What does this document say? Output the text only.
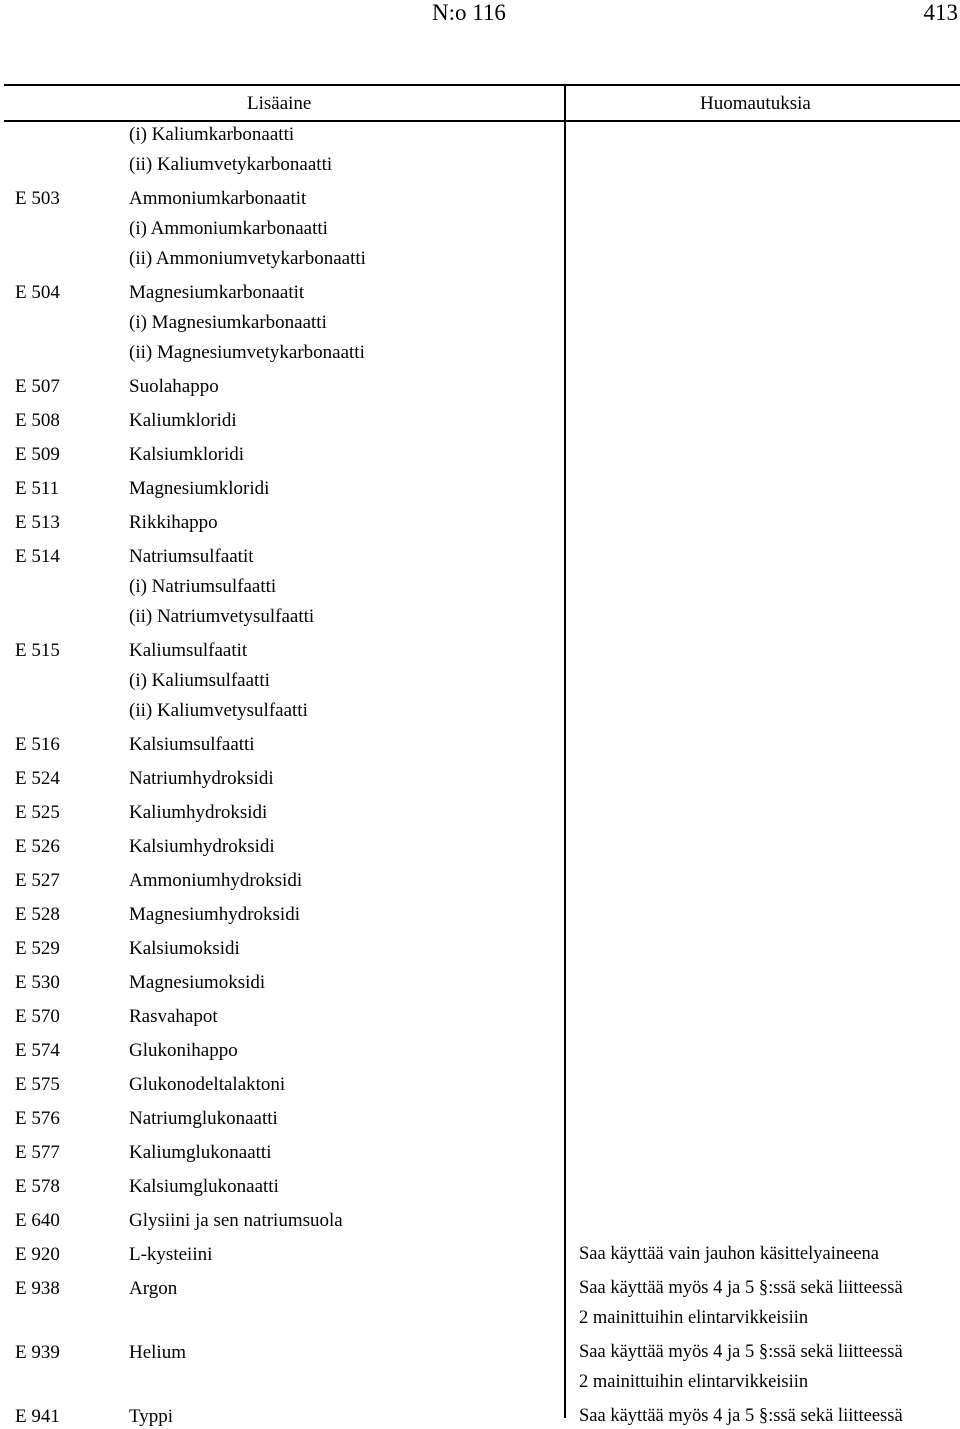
N:o 116	413
Lisäaine	Huomautuksia
(i) Kaliumkarbonaatti
(ii) Kaliumvetykarbonaatti
E 503	Ammoniumkarbonaatit
(i) Ammoniumkarbonaatti
(ii) Ammoniumvetykarbonaatti
E 504	Magnesiumkarbonaatit
(i) Magnesiumkarbonaatti
(ii) Magnesiumvetykarbonaatti
E 507	Suolahappo
E 508	Kaliumkloridi
E 509	Kalsiumkloridi
E 511	Magnesiumkloridi
E 513	Rikkihappo
E 514	Natriumsulfaatit
(i) Natriumsulfaatti
(ii) Natriumvetysulfaatti
E 515	Kaliumsulfaatit
(i) Kaliumsulfaatti
(ii) Kaliumvetysulfaatti
E 516	Kalsiumsulfaatti
E 524	Natriumhydroksidi
E 525	Kaliumhydroksidi
E 526	Kalsiumhydroksidi
E 527	Ammoniumhydroksidi
E 528	Magnesiumhydroksidi
E 529	Kalsiumoksidi
E 530	Magnesiumoksidi
E 570	Rasvahapot
E 574	Glukonihappo
E 575	Glukonodeltalaktoni
E 576	Natriumglukonaatti
E 577	Kaliumglukonaatti
E 578	Kalsiumglukonaatti
E 640	Glysiini ja sen natriumsuola
E 920	L-kysteiini	Saa käyttää vain jauhon käsittelyaineena
E 938	Argon	Saa käyttää myös 4 ja 5 §:ssä sekä liitteessä
2 mainittuihin elintarvikkeisiin
E 939	Helium	Saa käyttää myös 4 ja 5 §:ssä sekä liitteessä
2 mainittuihin elintarvikkeisiin
E 941	Typpi	Saa käyttää myös 4 ja 5 §:ssä sekä liitteessä
